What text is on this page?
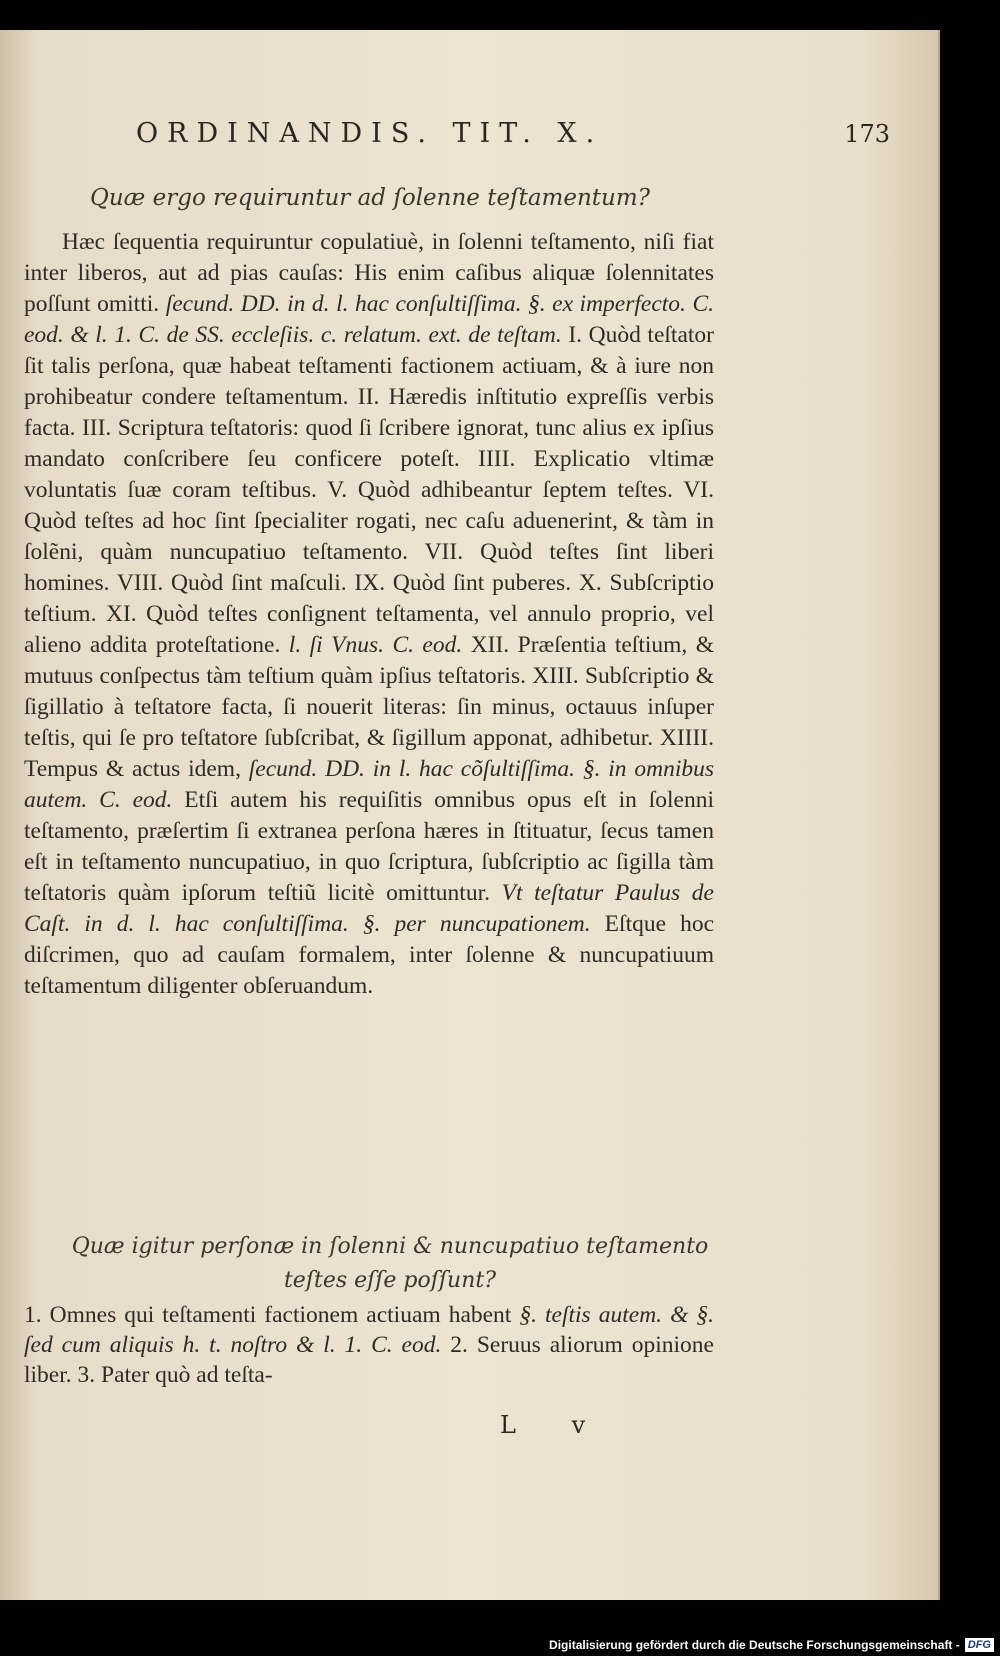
ORDINANDIS. TIT. X.	173
Quæ ergo requiruntur ad ſolenne teſtamentum?

Hæc ſequentia requiruntur copulatiuè, in ſolenni teſtamento, niſi fiat inter liberos, aut ad pias cauſas: His enim caſibus aliquæ ſolennitates poſſunt omitti. ſecund. DD. in d. l. hac conſultiſſima. §. ex imperfecto. C. eod. & l. 1. C. de SS. eccleſiis. c. relatum. ext. de teſtam. I. Quòd teſtator ſit talis perſona, quæ habeat teſtamenti factionem actiuam, & à iure non prohibeatur condere teſtamentum. II. Hæredis inſtitutio expreſſis verbis facta. III. Scriptura teſtatoris: quod ſi ſcribere ignorat, tunc alius ex ipſius mandato conſcribere ſeu conficere poteſt. IIII. Explicatio vltimæ voluntatis ſuæ coram teſtibus. V. Quòd adhibeantur ſeptem teſtes. VI. Quòd teſtes ad hoc ſint ſpecialiter rogati, nec caſu aduenerint, & tàm in ſolẽni, quàm nuncupatiuo teſtamento. VII. Quòd teſtes ſint liberi homines. VIII. Quòd ſint maſculi. IX. Quòd ſint puberes. X. Subſcriptio teſtium. XI. Quòd teſtes conſignent teſtamenta, vel annulo proprio, vel alieno addita proteſtatione. l. ſi Vnus. C. eod. XII. Præſentia teſtium, & mutuus conſpectus tàm teſtium quàm ipſius teſtatoris. XIII. Subſcriptio & ſigillatio à teſtatore facta, ſi nouerit literas: ſin minus, octauus inſuper teſtis, qui ſe pro teſtatore ſubſcribat, & ſigillum apponat, adhibetur. XIIII. Tempus & actus idem, ſecund. DD. in l. hac cõſultiſſima. §. in omnibus autem. C. eod. Etſi autem his requiſitis omnibus opus eſt in ſolenni teſtamento, præſertim ſi extranea perſona hæres in ſtituatur, ſecus tamen eſt in teſtamento nuncupatiuo, in quo ſcriptura, ſubſcriptio ac ſigilla tàm teſtatoris quàm ipſorum teſtiũ licitè omittuntur. Vt teſtatur Paulus de Caſt. in d. l. hac conſultiſſima. §. per nuncupationem. Eſtque hoc diſcrimen, quo ad cauſam formalem, inter ſolenne & nuncupatiuum teſtamentum diligenter obſeruandum.

Quæ igitur perſonæ in ſolenni & nuncupatiuo teſtamento teſtes eſſe poſſunt?

1. Omnes qui teſtamenti factionem actiuam habent §. teſtis autem. & §. ſed cum aliquis h. t. noſtro & l. 1. C. eod. 2. Seruus aliorum opinione liber. 3. Pater quò ad teſta-

L v
Digitalisierung gefördert durch die Deutsche Forschungsgemeinschaft - DFG
